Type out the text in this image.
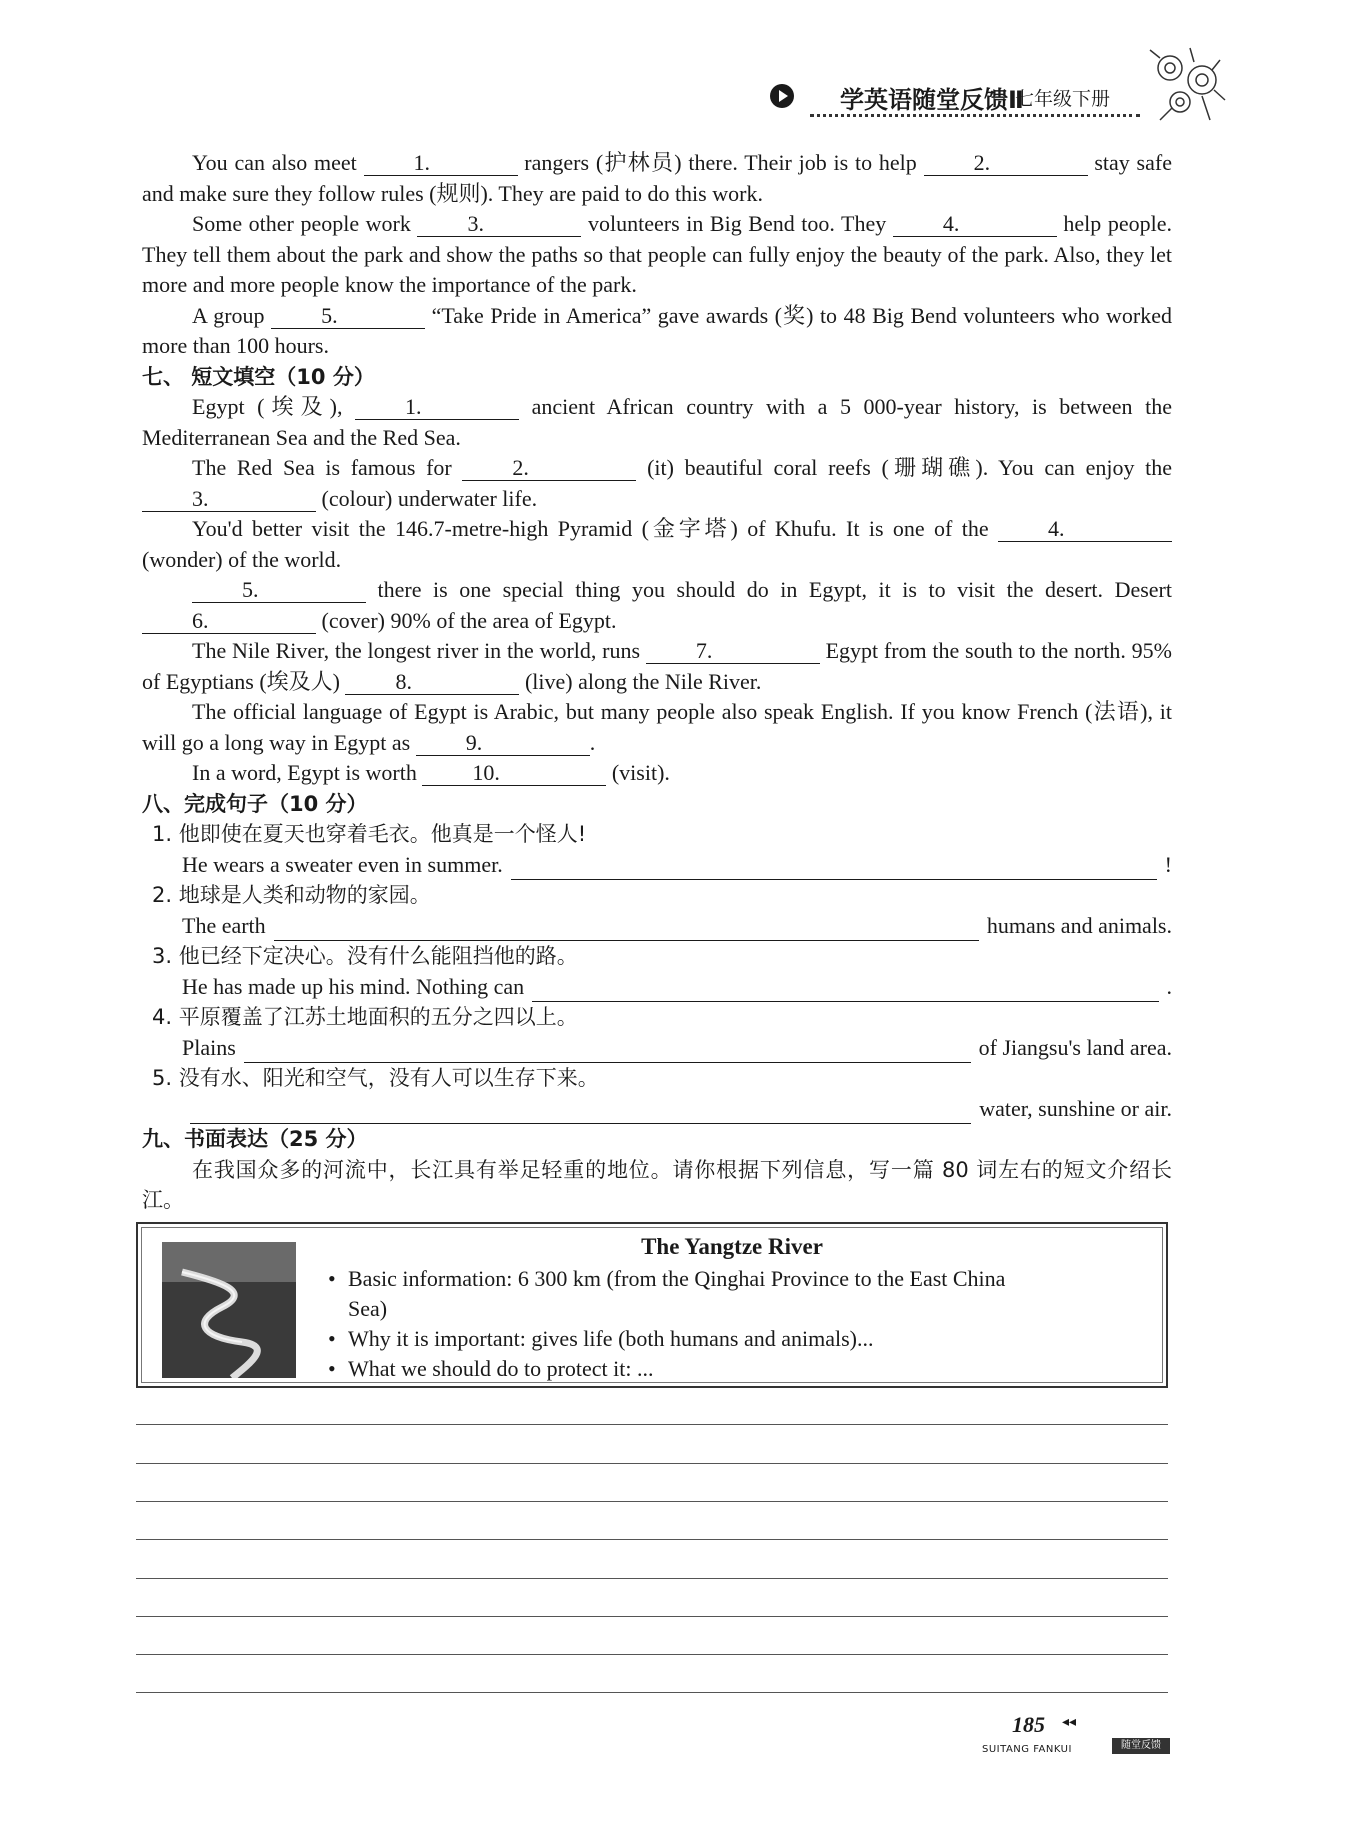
学英语随堂反馈Ⅱ
七年级下册

You can also meet 1.	rangers (护林员) there. Their job is to help 2.	stay safe and make sure they follow rules (规则). They are paid to do this work.

Some other people work 3.	volunteers in Big Bend too. They 4.	help people. They tell them about the park and show the paths so that people can fully enjoy the beauty of the park. Also, they let more and more people know the importance of the park.

A group 5.	“Take Pride in America” gave awards (奖) to 48 Big Bend volunteers who worked more than 100 hours.

七、 短文填空（10 分）

Egypt (埃及), 1.	ancient African country with a 5 000-year history, is between the Mediterranean Sea and the Red Sea.

The Red Sea is famous for 2.	(it) beautiful coral reefs (珊瑚礁). You can enjoy the 3.	(colour) underwater life.

You'd better visit the 146.7-metre-high Pyramid (金字塔) of Khufu. It is one of the 4. (wonder) of the world.

5.	there is one special thing you should do in Egypt, it is to visit the desert. Desert 6.	(cover) 90% of the area of Egypt.

The Nile River, the longest river in the world, runs 7.	Egypt from the south to the north. 95% of Egyptians (埃及人) 8.	(live) along the Nile River.

The official language of Egypt is Arabic, but many people also speak English. If you know French (法语), it will go a long way in Egypt as 9.	.

In a word, Egypt is worth 10.	(visit).

八、完成句子（10 分）

1. 他即使在夏天也穿着毛衣。他真是一个怪人!

He wears a sweater even in summer.	!

2. 地球是人类和动物的家园。

The earth	humans and animals.

3. 他已经下定决心。没有什么能阻挡他的路。

He has made up his mind. Nothing can	.

4. 平原覆盖了江苏土地面积的五分之四以上。

Plains	of Jiangsu's land area.

5. 没有水、阳光和空气，没有人可以生存下来。

water, sunshine or air.

九、书面表达（25 分）

在我国众多的河流中，长江具有举足轻重的地位。请你根据下列信息，写一篇 80 词左右的短文介绍长江。

The Yangtze River

• Basic information: 6 300 km (from the Qinghai Province to the East China

Sea)

• Why it is important: gives life (both humans and animals)...

• What we should do to protect it: ...

185 ◂◂
SUITANG FANKUI	随堂反馈
